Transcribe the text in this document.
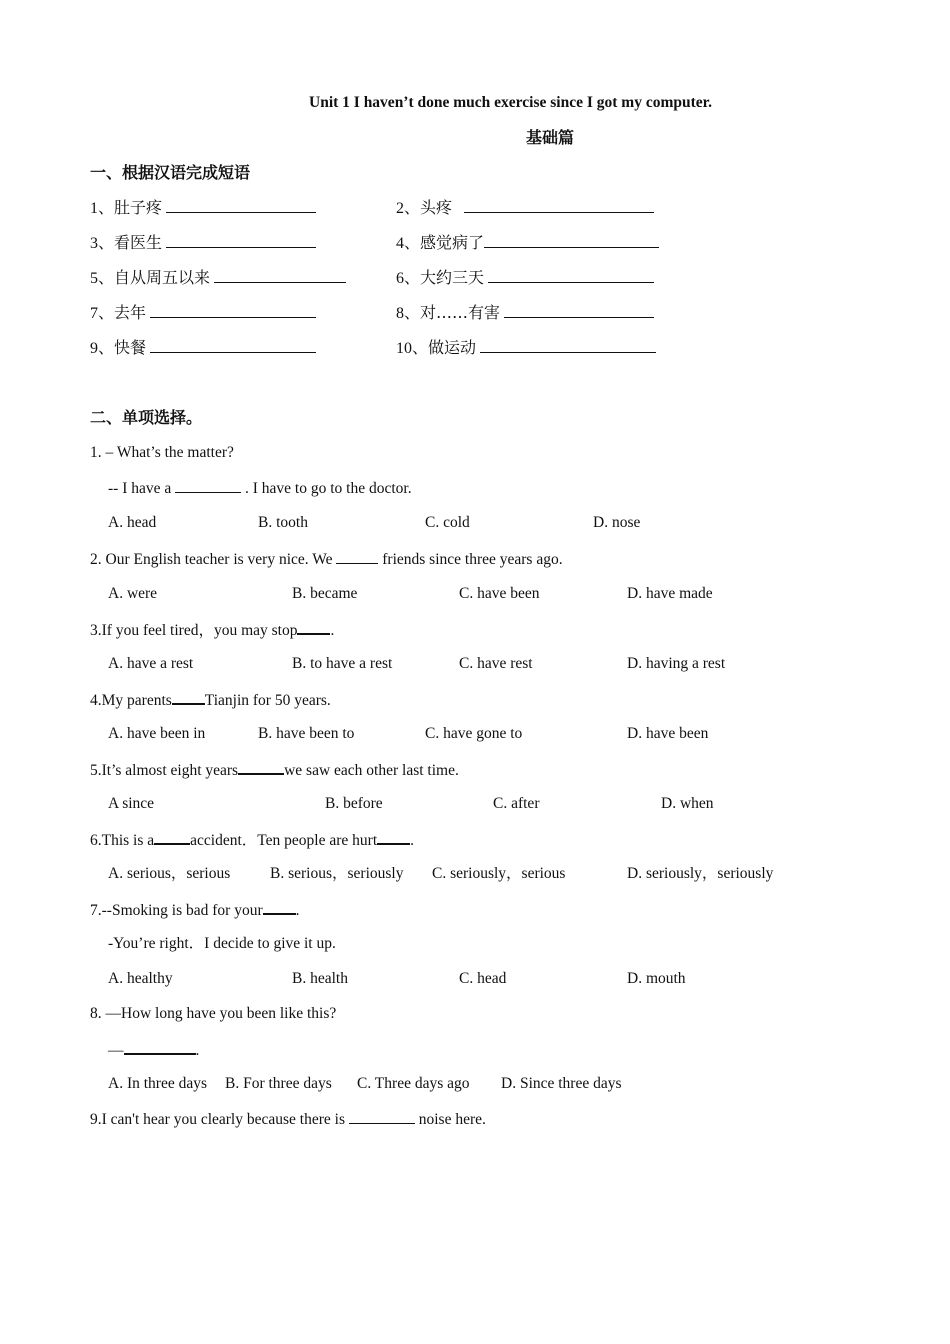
Unit 1 I haven’t done much exercise since I got my computer.
基础篇
一、根据汉语完成短语
1、 肚子疼	2、 头疼
3、 看医生	4、 感觉病了
5、 自从周五以来	6、 大约三天
7、 去年	8、 对……有害
9、 快餐	10、 做运动
二、单项选择。
1. – What’s the matter?
-- I have a	. I have to go to the doctor.
A. head	B. tooth	C. cold	D. nose
2. Our English teacher is very nice. We	friends since three years ago.
A. were	B. became	C. have been	D. have made
3.If you feel tired，you may stop .
A. have a rest	B. to have a rest	C. have rest	D. having a rest
4.My parents Tianjin for 50 years.
A. have been in	B. have been to	C. have gone to	D. have been
5.It’s almost eight years	we saw each other last time.
A since	B. before	C. after	D. when
6.This is a accident．Ten people are hurt .
A. serious，serious	B. serious，seriously C. seriously，serious	D. seriously，seriously
7.--Smoking is bad for your .
-You’re right．I decide to give it up.
A. healthy	B. health	C. head	D. mouth
8. —How long have you been like this?
—	.
A. In three days B. For three days C. Three days ago D. Since three days
9.I can't hear you clearly because there is	noise here.
